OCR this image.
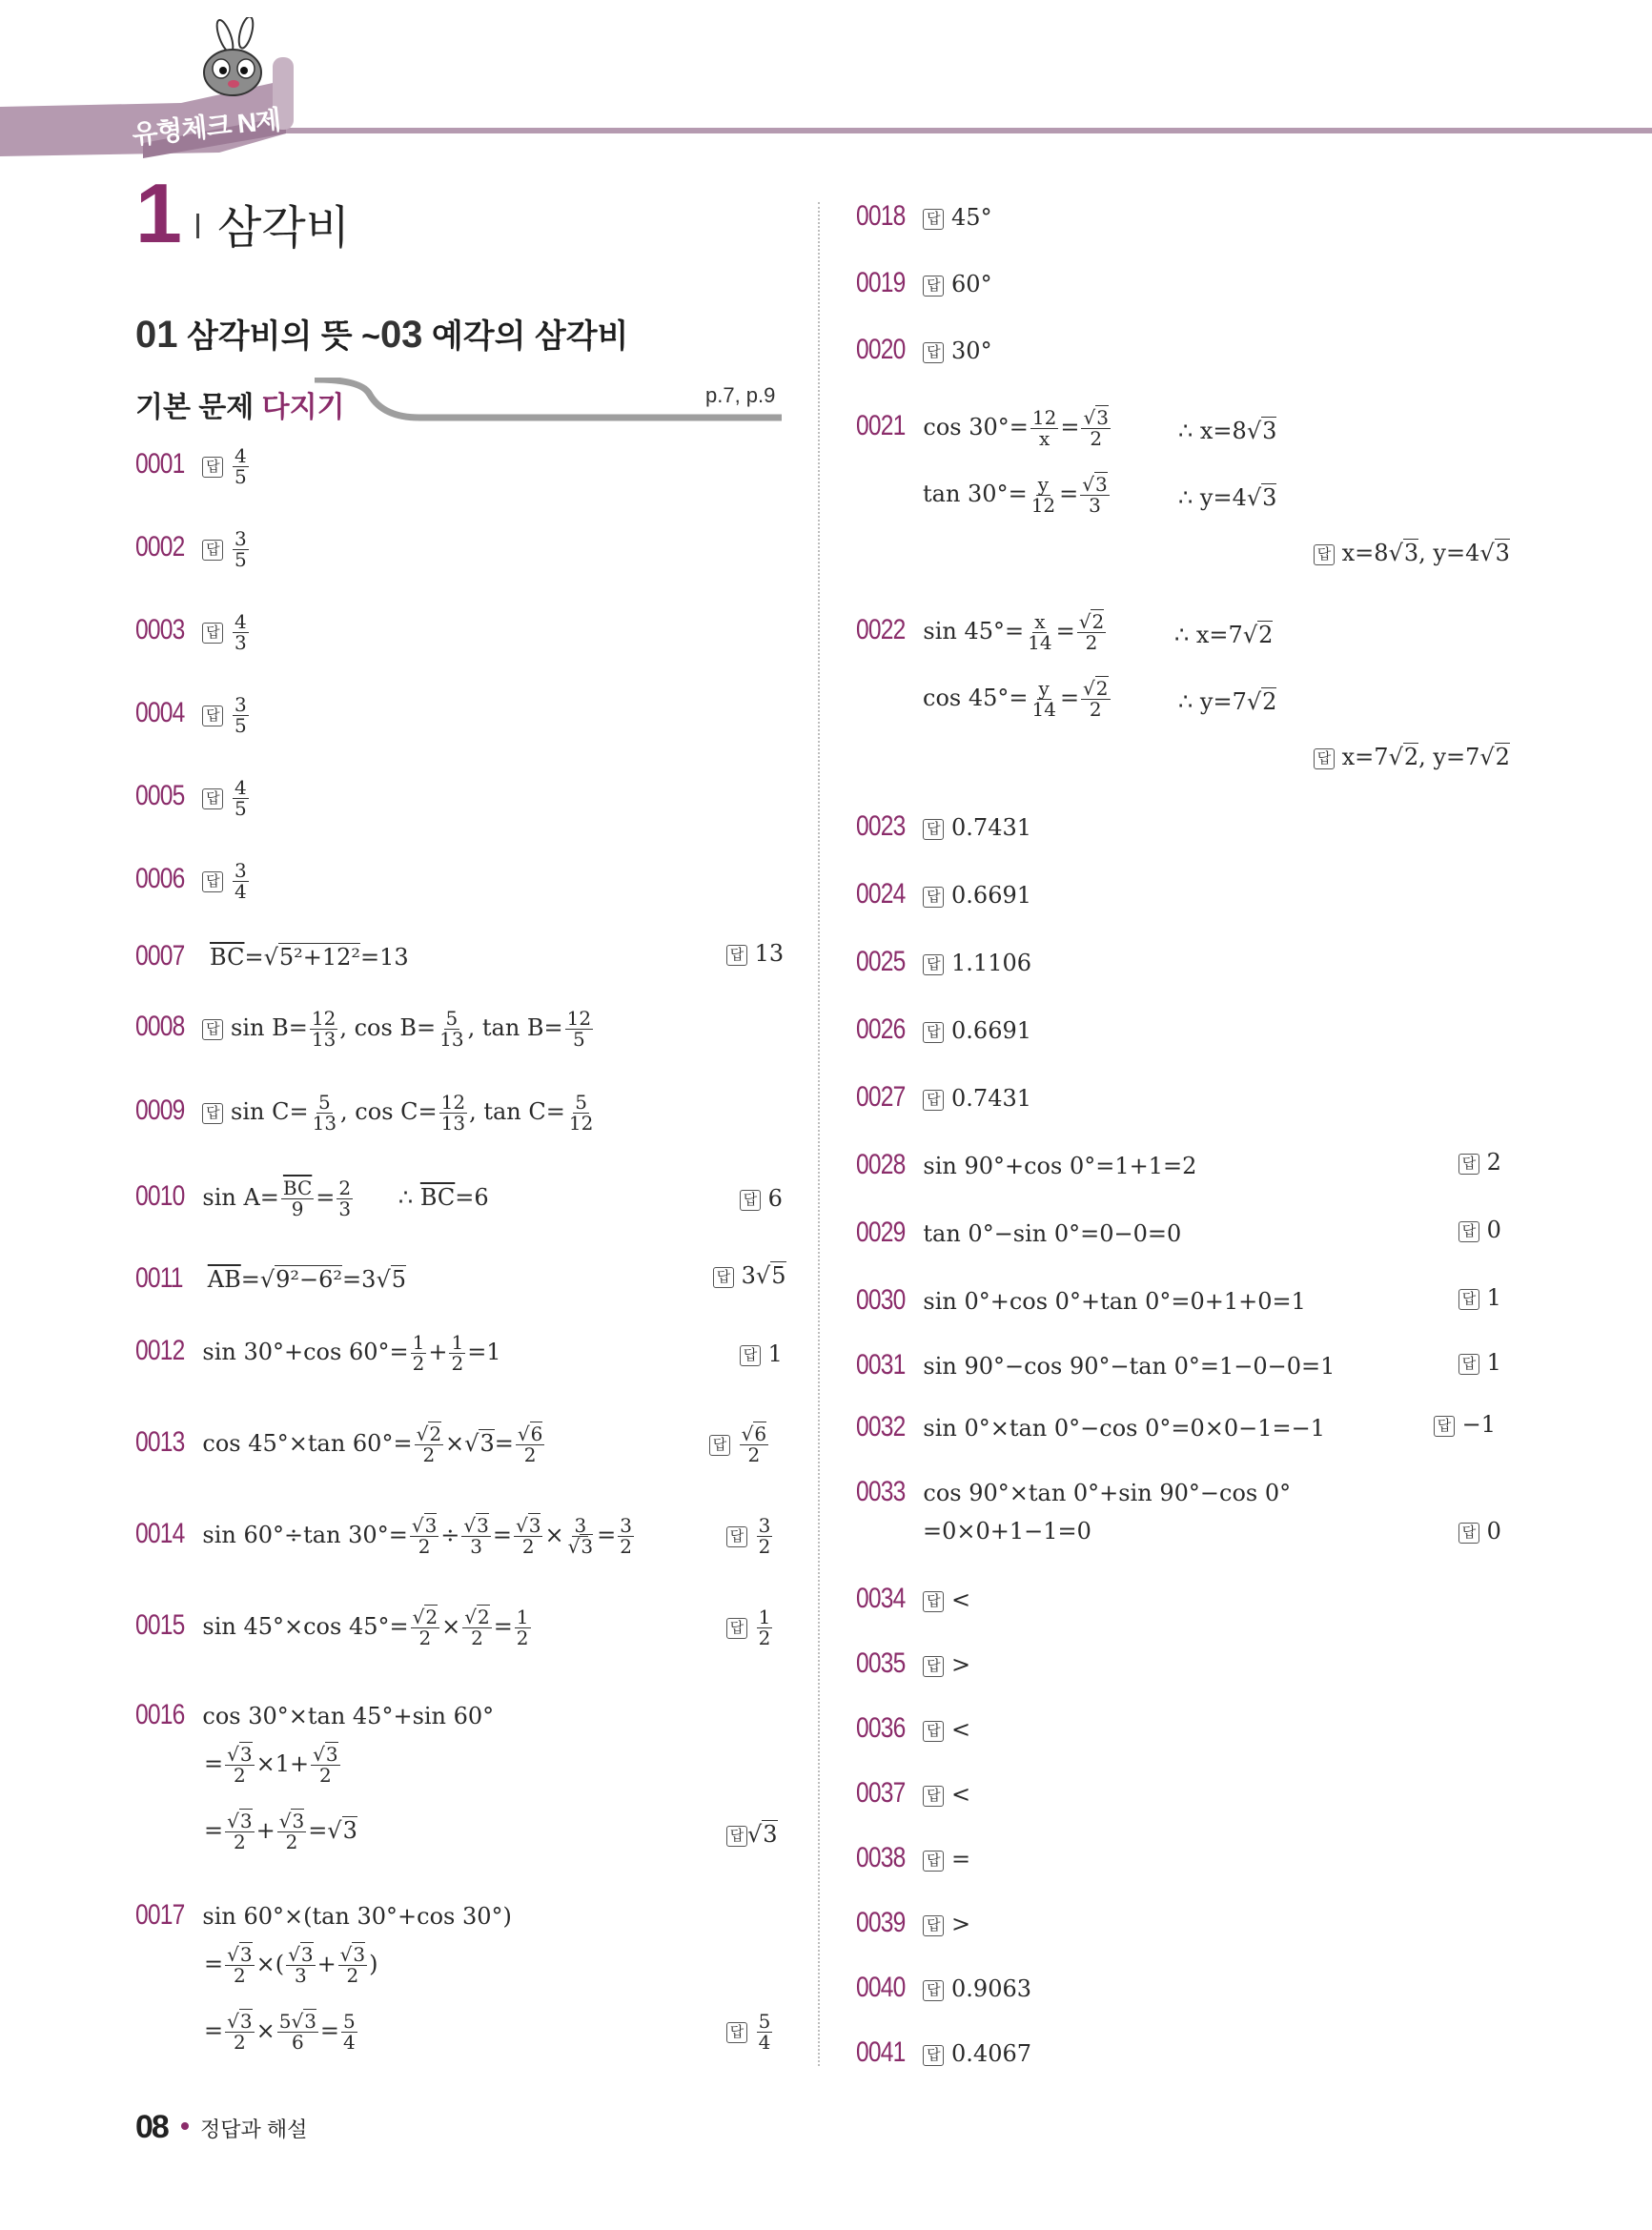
유형체크 N제
1 삼각비
01 삼각비의 뜻 ~03 예각의 삼각비
기본 문제 다지기	p.7, p.9
0001 답 $\frac{4}{5}$
0002 답 $\frac{3}{5}$
0003 답 $\frac{4}{3}$
0004 답 $\frac{3}{5}$
0005 답 $\frac{4}{5}$
0006 답 $\frac{3}{4}$
0007 $\overline{BC}=√5^2+12^2=13$	답 13
0008 답 $\sin B= \frac{12}{13}$ , $\cos B= \frac{5}{13}$ , $\tan B= \frac{12}{5}$
0009 답 $\sin C= \frac{5}{13}$ , $\cos C= \frac{12}{13}$ , $\tan C= \frac{5}{12}$
0010 $\sin A= \frac{\overline{BC}}{9} = \frac{2}{3}$ ∴ $\overline{BC}=6$	답 6
0011 $\overline{AB}=√9^2-6^2=3√5$	답 3√5
0012 sin 30°+cos $60^\circ= \frac{1}{2} + \frac{1}{2} =1$	답 1
0013 cos 45°×tan $60^\circ= \frac{√2}{2} \times√3= \frac{√6}{2}$	답 $\frac{√6}{2}$
0014 sin 60°÷tan $30^\circ= \frac{√3}{2} \div \frac{√3}{3} = \frac{√3}{2} \times \frac{3}{√3} = \frac{3}{2}$	답 $\frac{3}{2}$
0015 sin 45°×cos $45^\circ= \frac{√2}{2} \times \frac{√2}{2} = \frac{1}{2}$	답 $\frac{1}{2}$
0016 cos 30°×tan 45°+sin 60°
= $\frac{√3}{2} \times 1+ \frac{√3}{2}$
= $\frac{√3}{2} + \frac{√3}{2} =√3$	답 √3
0017 sin 60°×(tan 30°+cos 30°)
= $\frac{√3}{2}$ ×( $\frac{√3}{3} + \frac{√3}{2}$ )
= $\frac{√3}{2} \times \frac{5√3}{6} = \frac{5}{4}$	답 $\frac{5}{4}$
0018 답 45°
0019 답 60°
0020 답 30°
0021 $\cos 30^\circ= \frac{12}{x} = \frac{√3}{2}$	∴ x=8√3
$\tan 30^\circ= \frac{y}{12} = \frac{√3}{3}$	∴ y=4√3
답 x=8√3, y=4√3
0022 $\sin 45^\circ= \frac{x}{14} = \frac{√2}{2}$	∴ x=7√2
$\cos 45^\circ= \frac{y}{14} = \frac{√2}{2}$	∴ y=7√2
답 x=7√2, y=7√2
0023 답 0.7431
0024 답 0.6691
0025 답 1.1106
0026 답 0.6691
0027 답 0.7431
0028 sin 90°+cos 0°=1+1=2	답 2
0029 tan 0°−sin 0°=0−0=0	답 0
0030 sin 0°+cos 0°+tan 0°=0+1+0=1	답 1
0031 sin 90°−cos 90°−tan 0°=1−0−0=1	답 1
0032 sin 0°×tan 0°−cos 0°=0×0−1=−1	답 −1
0033 cos 90°×tan 0°+sin 90°−cos 0°
=0×0+1−1=0	답 0
0034 답 <
0035 답 >
0036 답 <
0037 답 <
0038 답 =
0039 답 >
0040 답 0.9063
0041 답 0.4067
08 정답과 해설
